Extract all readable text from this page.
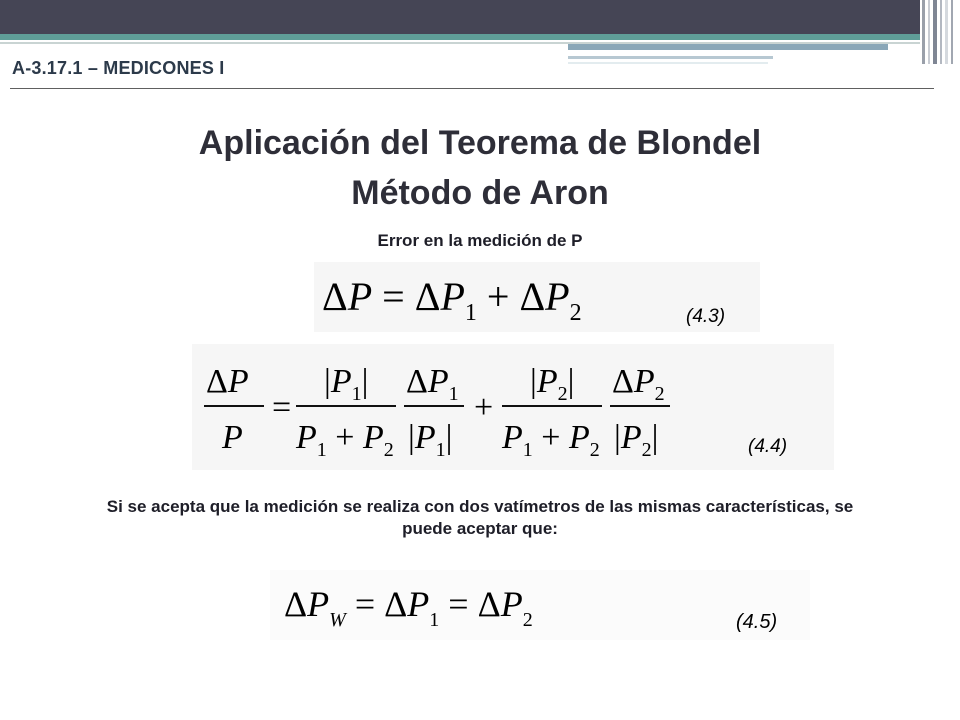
A-3.17.1 – MEDICONES I
Aplicación del Teorema de Blondel
Método de Aron
Error en la medición de P
$\Delta P = \Delta P_1 + \Delta P_2$	(4.3)
ΔP
P
=
$|P_1|$
$P_1 + P_2$
$\Delta P_1$
$|P_1|$
+
$|P_2|$
$P_1 + P_2$
$\Delta P_2$
$|P_2|$	(4.4)
Si se acepta que la medición se realiza con dos vatímetros de las mismas características, se puede aceptar que:
$\Delta P_W = \Delta P_1 = \Delta P_2$	(4.5)
